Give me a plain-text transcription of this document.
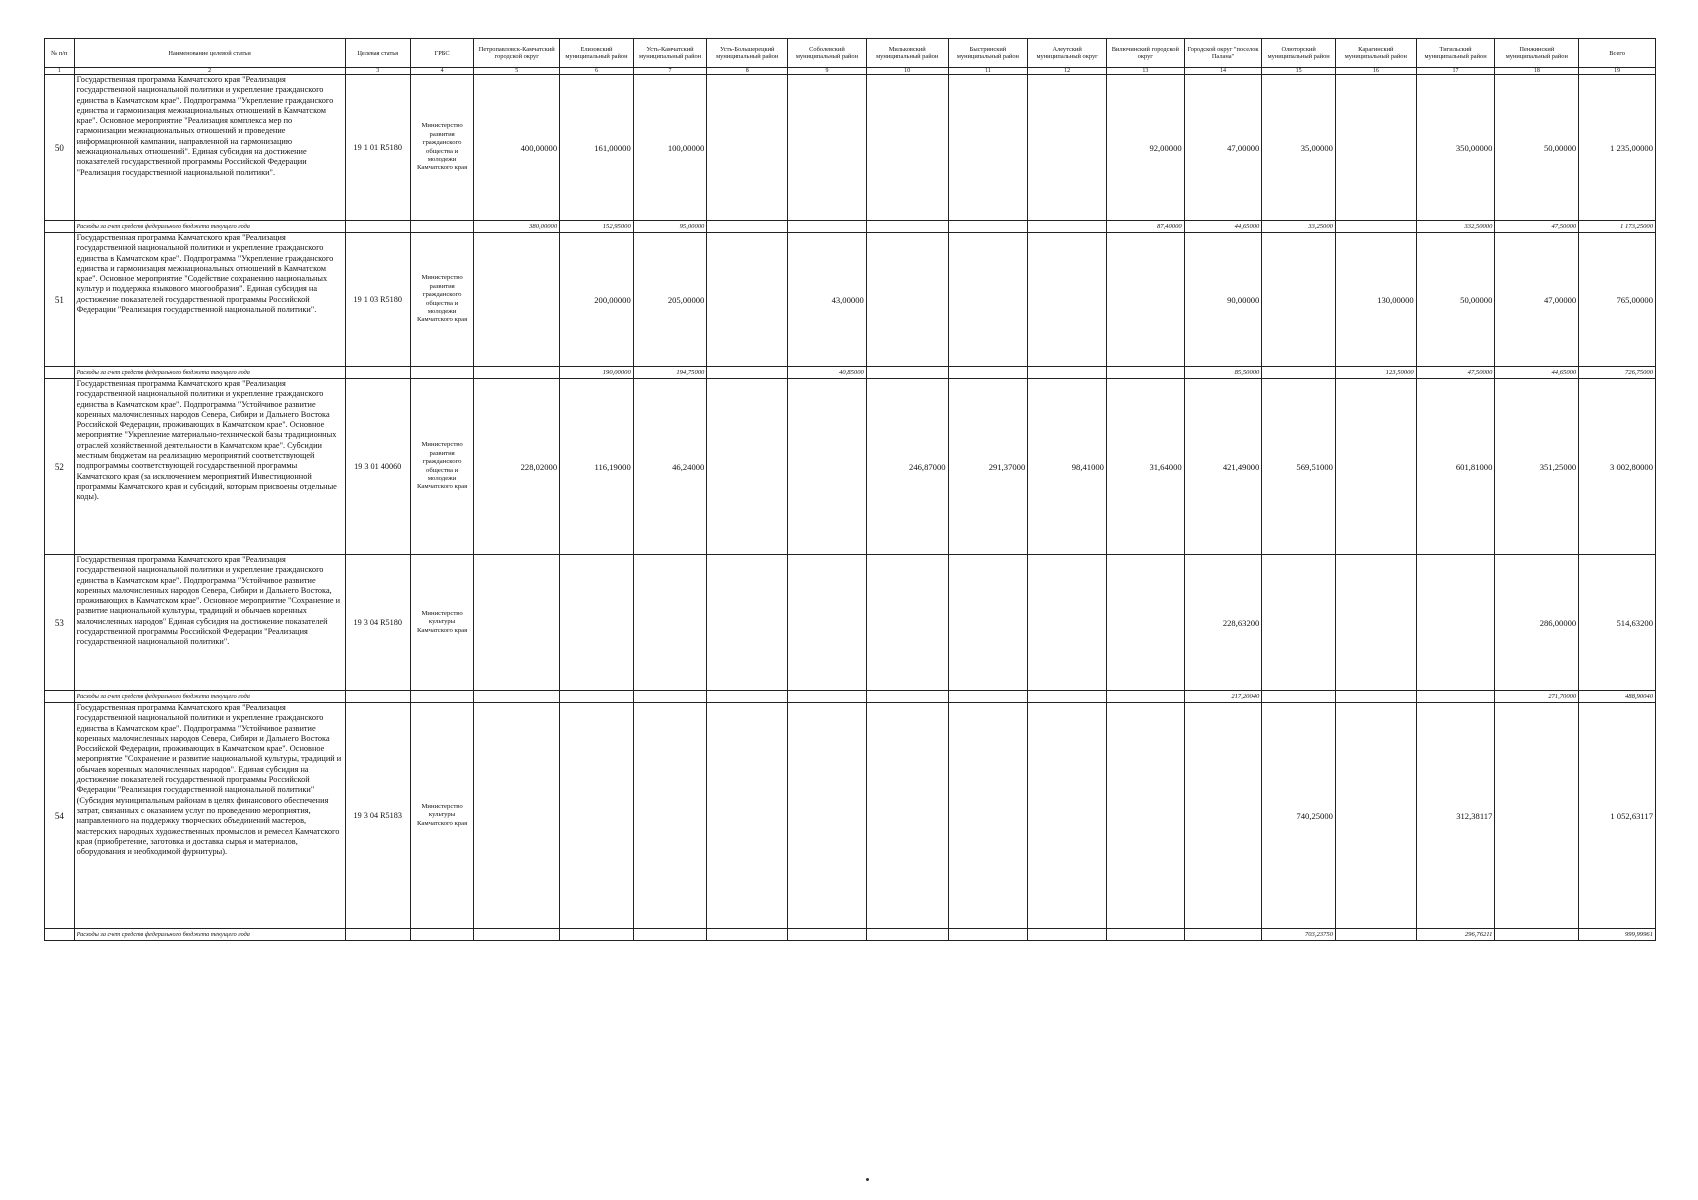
№ п/п	Наименование целевой статьи	Целевая статья	ГРБС	Петропавловск-Камчатский городской округ	Елизовский муниципальный район	Усть-Камчатский муниципальный район	Усть-Большерецкий муниципальный район	Соболевский муниципальный район	Мильковский муниципальный район	Быстринский муниципальный район	Алеутский муниципальный округ	Вилючинский городской округ	Городской округ "поселок Палана"	Олюторский муниципальный район	Карагинский муниципальный район	Тигильский муниципальный район	Пенжинский муниципальный район	Всего
1	2	3	4	5	6	7	8	9	10	11	12	13	14	15	16	17	18	19
50	Государственная программа Камчатского края "Реализация государственной национальной политики и укрепление гражданского единства в Камчатском крае". Подпрограмма "Укрепление гражданского единства и гармонизация межнациональных отношений в Камчатском крае". Основное мероприятие "Реализация комплекса мер по гармонизации межнациональных отношений и проведение информационной кампании, направленной на гармонизацию межнациональных отношений". Единая субсидия на достижение показателей государственной программы Российской Федерации "Реализация государственной национальной политики".	19 1 01 R5180	Министерство развития гражданского общества и молодежи Камчатского края	400,00000	161,00000	100,00000						92,00000	47,00000	35,00000		350,00000	50,00000	1 235,00000
	Расходы за счет средств федерального бюджета текущего года			380,00000	152,95000	95,00000						87,40000	44,65000	33,25000		332,50000	47,50000	1 173,25000
51	Государственная программа Камчатского края "Реализация государственной национальной политики и укрепление гражданского единства в Камчатском крае". Подпрограмма "Укрепление гражданского единства и гармонизация межнациональных отношений в Камчатском крае". Основное мероприятие "Содействие сохранению национальных культур и поддержка языкового многообразия". Единая субсидия на достижение показателей государственной программы Российской Федерации "Реализация государственной национальной политики".	19 1 03 R5180	Министерство развития гражданского общества и молодежи Камчатского края		200,00000	205,00000		43,00000					90,00000		130,00000	50,00000	47,00000	765,00000
	Расходы за счет средств федерального бюджета текущего года				190,00000	194,75000		40,85000					85,50000		123,50000	47,50000	44,65000	726,75000
52	Государственная программа Камчатского края "Реализация государственной национальной политики и укрепление гражданского единства в Камчатском крае". Подпрограмма "Устойчивое развитие коренных малочисленных народов Севера, Сибири и Дальнего Востока Российской Федерации, проживающих в Камчатском крае". Основное мероприятие "Укрепление материально-технической базы традиционных отраслей хозяйственной деятельности в Камчатском крае". Субсидии местным бюджетам на реализацию мероприятий соответствующей подпрограммы соответствующей государственной программы Камчатского края (за исключением мероприятий Инвестиционной программы Камчатского края и субсидий, которым присвоены отдельные коды).	19 3 01 40060	Министерство развития гражданского общества и молодежи Камчатского края	228,02000	116,19000	46,24000			246,87000	291,37000	98,41000	31,64000	421,49000	569,51000		601,81000	351,25000	3 002,80000
53	Государственная программа Камчатского края "Реализация государственной национальной политики и укрепление гражданского единства в Камчатском крае". Подпрограмма "Устойчивое развитие коренных малочисленных народов Севера, Сибири и Дальнего Востока, проживающих в Камчатском крае". Основное мероприятие "Сохранение и развитие национальной культуры, традиций и обычаев коренных малочисленных народов" Единая субсидия на достижение показателей государственной программы Российской Федерации "Реализация государственной национальной политики".	19 3 04 R5180	Министерство культуры Камчатского края										228,63200				286,00000	514,63200
	Расходы за счет средств федерального бюджета текущего года												217,20040				271,70000	488,90040
54	Государственная программа Камчатского края "Реализация государственной национальной политики и укрепление гражданского единства в Камчатском крае". Подпрограмма "Устойчивое развитие коренных малочисленных народов Севера, Сибири и Дальнего Востока Российской Федерации, проживающих в Камчатском крае". Основное мероприятие "Сохранение и развитие национальной культуры, традиций и обычаев коренных малочисленных народов". Единая субсидия на достижение показателей государственной программы Российской Федерации "Реализация государственной национальной политики" (Субсидия муниципальным районам в целях финансового обеспечения затрат, связанных с оказанием услуг по проведению мероприятия, направленного на поддержку творческих объединений мастеров, мастерских народных художественных промыслов и ремесел Камчатского края (приобретение, заготовка и доставка сырья и материалов, оборудования и необходимой фурнитуры).	19 3 04 R5183	Министерство культуры Камчатского края											740,25000		312,38117		1 052,63117
	Расходы за счет средств федерального бюджета текущего года													703,23750		296,76211		999,99961
